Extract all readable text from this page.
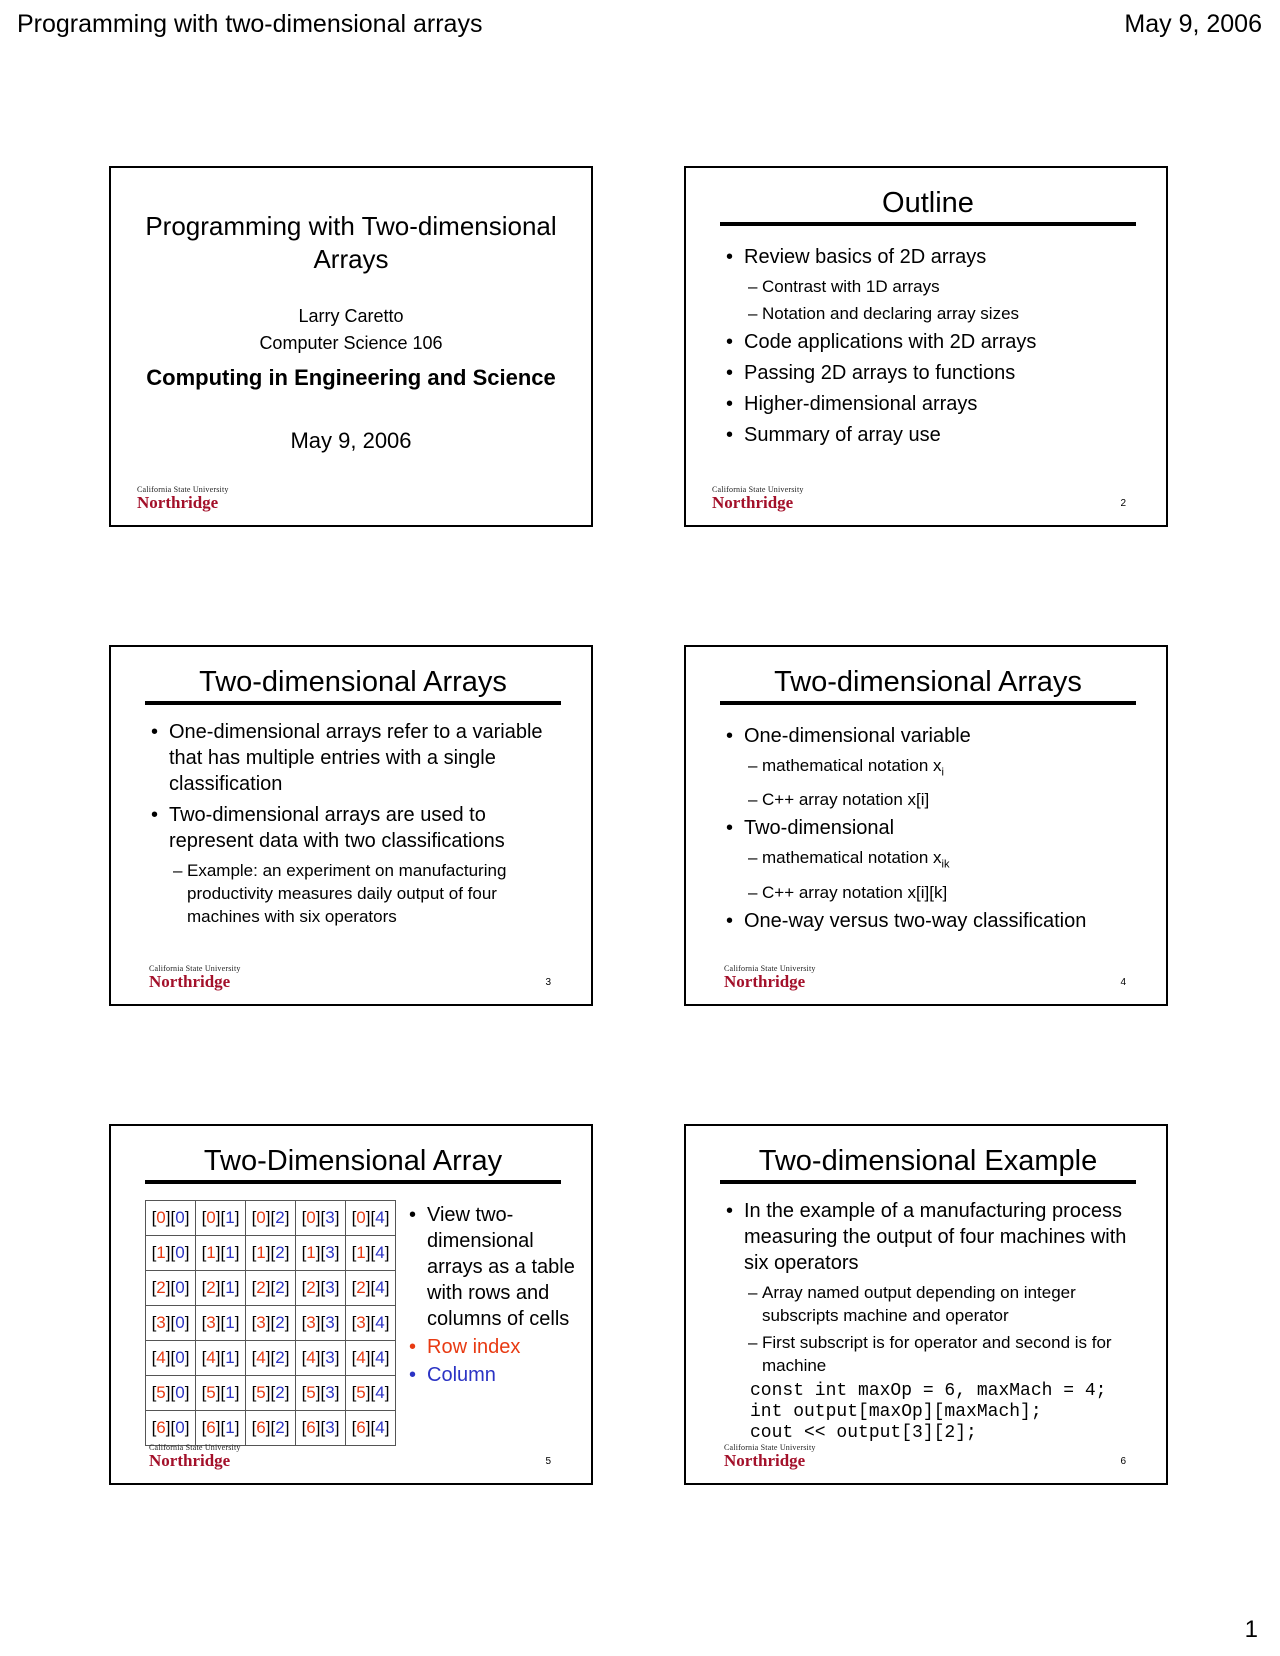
Programming with two-dimensional arrays	May 9, 2006
Programming with Two-dimensional Arrays
Larry Caretto
Computer Science 106
Computing in Engineering and Science
May 9, 2006
California State University
Northridge
Outline
• Review basics of 2D arrays
– Contrast with 1D arrays
– Notation and declaring array sizes
• Code applications with 2D arrays
• Passing 2D arrays to functions
• Higher-dimensional arrays
• Summary of array use
California State University
Northridge	2
Two-dimensional Arrays
• One-dimensional arrays refer to a variable that has multiple entries with a single classification
• Two-dimensional arrays are used to represent data with two classifications
– Example: an experiment on manufacturing productivity measures daily output of four machines with six operators
California State University
Northridge	3
Two-dimensional Arrays
• One-dimensional variable
– mathematical notation $x_i$
– C++ array notation x[i]
• Two-dimensional
– mathematical notation $x_{ik}$
– C++ array notation x[i][k]
• One-way versus two-way classification
California State University
Northridge	4
Two-Dimensional Array
[0][0]	[0][1]	[0][2]	[0][3]	[0][4]
[1][0]	[1][1]	[1][2]	[1][3]	[1][4]
[2][0]	[2][1]	[2][2]	[2][3]	[2][4]
[3][0]	[3][1]	[3][2]	[3][3]	[3][4]
[4][0]	[4][1]	[4][2]	[4][3]	[4][4]
[5][0]	[5][1]	[5][2]	[5][3]	[5][4]
[6][0]	[6][1]	[6][2]	[6][3]	[6][4]
• View two-dimensional arrays as a table with rows and columns of cells
• Row index
• Column
California State University
Northridge	5
Two-dimensional Example
• In the example of a manufacturing process measuring the output of four machines with six operators
– Array named output depending on integer subscripts machine and operator
– First subscript is for operator and second is for machine
const int maxOp = 6, maxMach = 4;
int output[maxOp][maxMach];
cout << output[3][2];
California State University
Northridge	6
1
